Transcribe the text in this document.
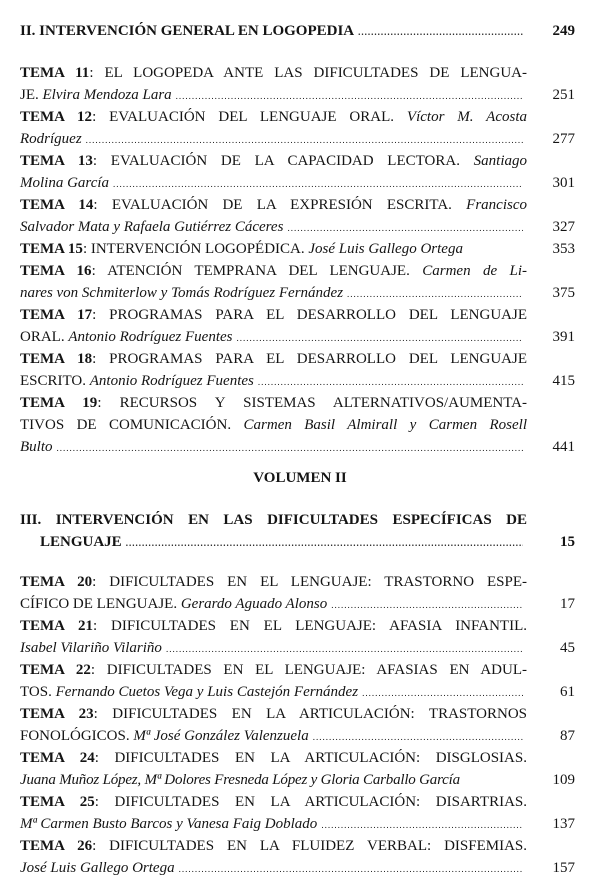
II. INTERVENCIÓN GENERAL EN LOGOPEDIA .....	249
TEMA 11: EL LOGOPEDA ANTE LAS DIFICULTADES DE LENGUA-
JE.
Elvira Mendoza Lara .....	251
TEMA 12: EVALUACIÓN DEL LENGUAJE ORAL. Víctor M. Acosta
Rodríguez .....	277
TEMA 13: EVALUACIÓN DE LA CAPACIDAD LECTORA. Santiago
Molina García .....	301
TEMA 14: EVALUACIÓN DE LA EXPRESIÓN ESCRITA. Francisco
Salvador Mata y Rafaela Gutiérrez Cáceres .....	327
TEMA 15 : INTERVENCIÓN LOGOPÉDICA.
José Luis Gallego Ortega	353
TEMA 16: ATENCIÓN TEMPRANA DEL LENGUAJE. Carmen de Li-
nares von Schmiterlow y Tomás Rodríguez Fernández .....	375
TEMA 17: PROGRAMAS PARA EL DESARROLLO DEL LENGUAJE
ORAL.
Antonio Rodríguez Fuentes .....	391
TEMA 18: PROGRAMAS PARA EL DESARROLLO DEL LENGUAJE
ESCRITO.
Antonio Rodríguez Fuentes .....	415
TEMA 19: RECURSOS Y SISTEMAS ALTERNATIVOS/AUMENTA-
TIVOS DE COMUNICACIÓN. Carmen Basil Almirall y Carmen Rosell
Bulto .....	441
VOLUMEN II
III. INTERVENCIÓN EN LAS DIFICULTADES ESPECÍFICAS DE
LENGUAJE .....	15
TEMA 20: DIFICULTADES EN EL LENGUAJE: TRASTORNO ESPE-
CÍFICO DE LENGUAJE.
Gerardo Aguado Alonso .....	17
TEMA 21: DIFICULTADES EN EL LENGUAJE: AFASIA INFANTIL.
Isabel Vilariño Vilariño .....	45
TEMA 22: DIFICULTADES EN EL LENGUAJE: AFASIAS EN ADUL-
TOS.
Fernando Cuetos Vega y Luis Castejón Fernández .....	61
TEMA 23: DIFICULTADES EN LA ARTICULACIÓN: TRASTORNOS
FONOLÓGICOS.
Mª José González Valenzuela .....	87
TEMA 24: DIFICULTADES EN LA ARTICULACIÓN: DISGLOSIAS.
Juana Muñoz López, Mª Dolores Fresneda López y Gloria Carballo García	109
TEMA 25: DIFICULTADES EN LA ARTICULACIÓN: DISARTRIAS.
Mª Carmen Busto Barcos y Vanesa Faig Doblado .....	137
TEMA 26: DIFICULTADES EN LA FLUIDEZ VERBAL: DISFEMIAS.
José Luis Gallego Ortega .....	157
